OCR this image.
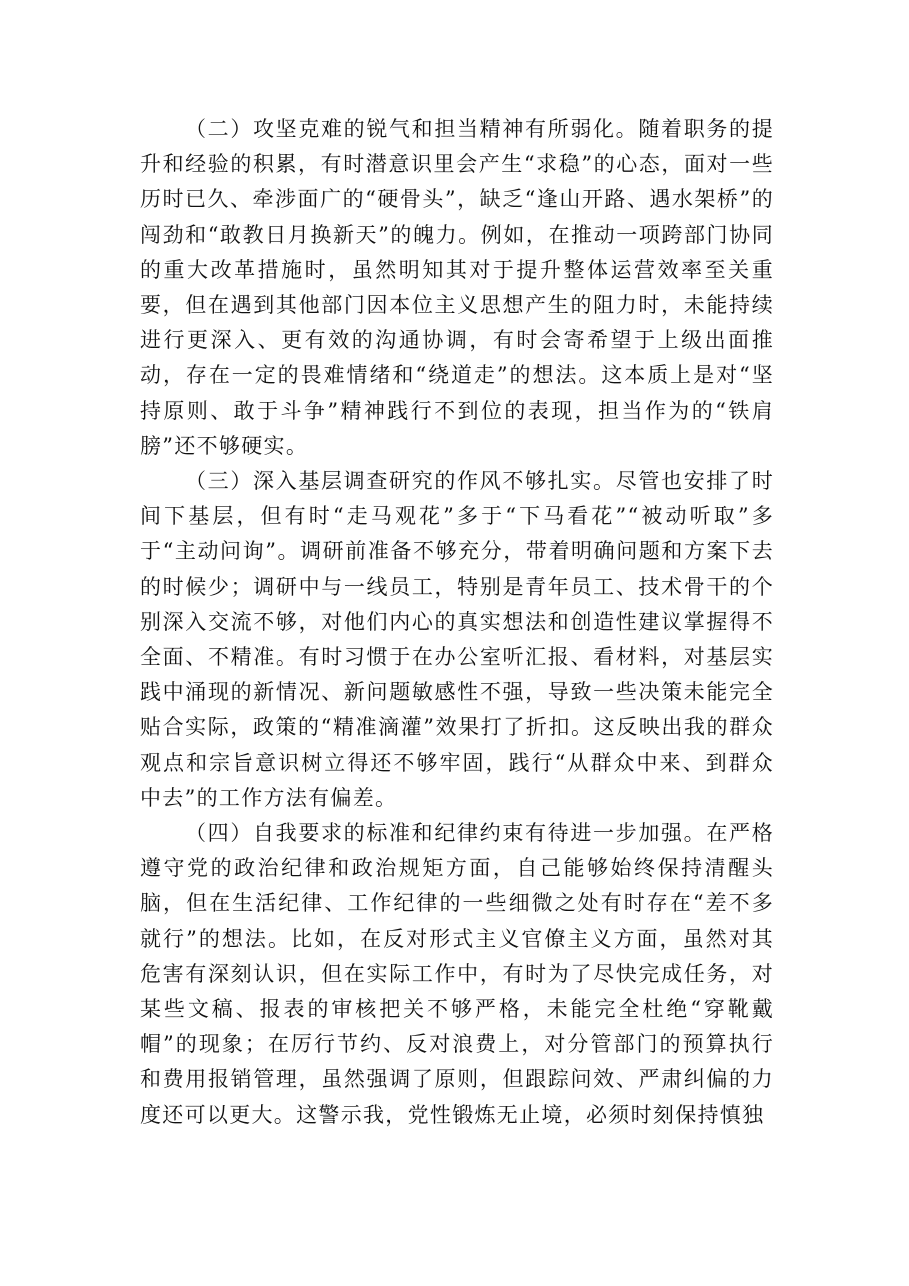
（二）攻坚克难的锐气和担当精神有所弱化。随着职务的提升和经验的积累，有时潜意识里会产生“求稳”的心态，面对一些历时已久、牵涉面广的“硬骨头”，缺乏“逢山开路、遇水架桥”的闯劲和“敢教日月换新天”的魄力。例如，在推动一项跨部门协同的重大改革措施时，虽然明知其对于提升整体运营效率至关重要，但在遇到其他部门因本位主义思想产生的阻力时，未能持续进行更深入、更有效的沟通协调，有时会寄希望于上级出面推动，存在一定的畏难情绪和“绕道走”的想法。这本质上是对“坚持原则、敢于斗争”精神践行不到位的表现，担当作为的“铁肩膀”还不够硬实。

（三）深入基层调查研究的作风不够扎实。尽管也安排了时间下基层，但有时“走马观花”多于“下马看花”“被动听取”多于“主动问询”。调研前准备不够充分，带着明确问题和方案下去的时候少；调研中与一线员工，特别是青年员工、技术骨干的个别深入交流不够，对他们内心的真实想法和创造性建议掌握得不全面、不精准。有时习惯于在办公室听汇报、看材料，对基层实践中涌现的新情况、新问题敏感性不强，导致一些决策未能完全贴合实际，政策的“精准滴灌”效果打了折扣。这反映出我的群众观点和宗旨意识树立得还不够牢固，践行“从群众中来、到群众中去”的工作方法有偏差。

（四）自我要求的标准和纪律约束有待进一步加强。在严格遵守党的政治纪律和政治规矩方面，自己能够始终保持清醒头脑，但在生活纪律、工作纪律的一些细微之处有时存在“差不多就行”的想法。比如，在反对形式主义官僚主义方面，虽然对其危害有深刻认识，但在实际工作中，有时为了尽快完成任务，对某些文稿、报表的审核把关不够严格，未能完全杜绝“穿靴戴帽”的现象；在厉行节约、反对浪费上，对分管部门的预算执行和费用报销管理，虽然强调了原则，但跟踪问效、严肃纠偏的力度还可以更大。这警示我，党性锻炼无止境，必须时刻保持慎独
